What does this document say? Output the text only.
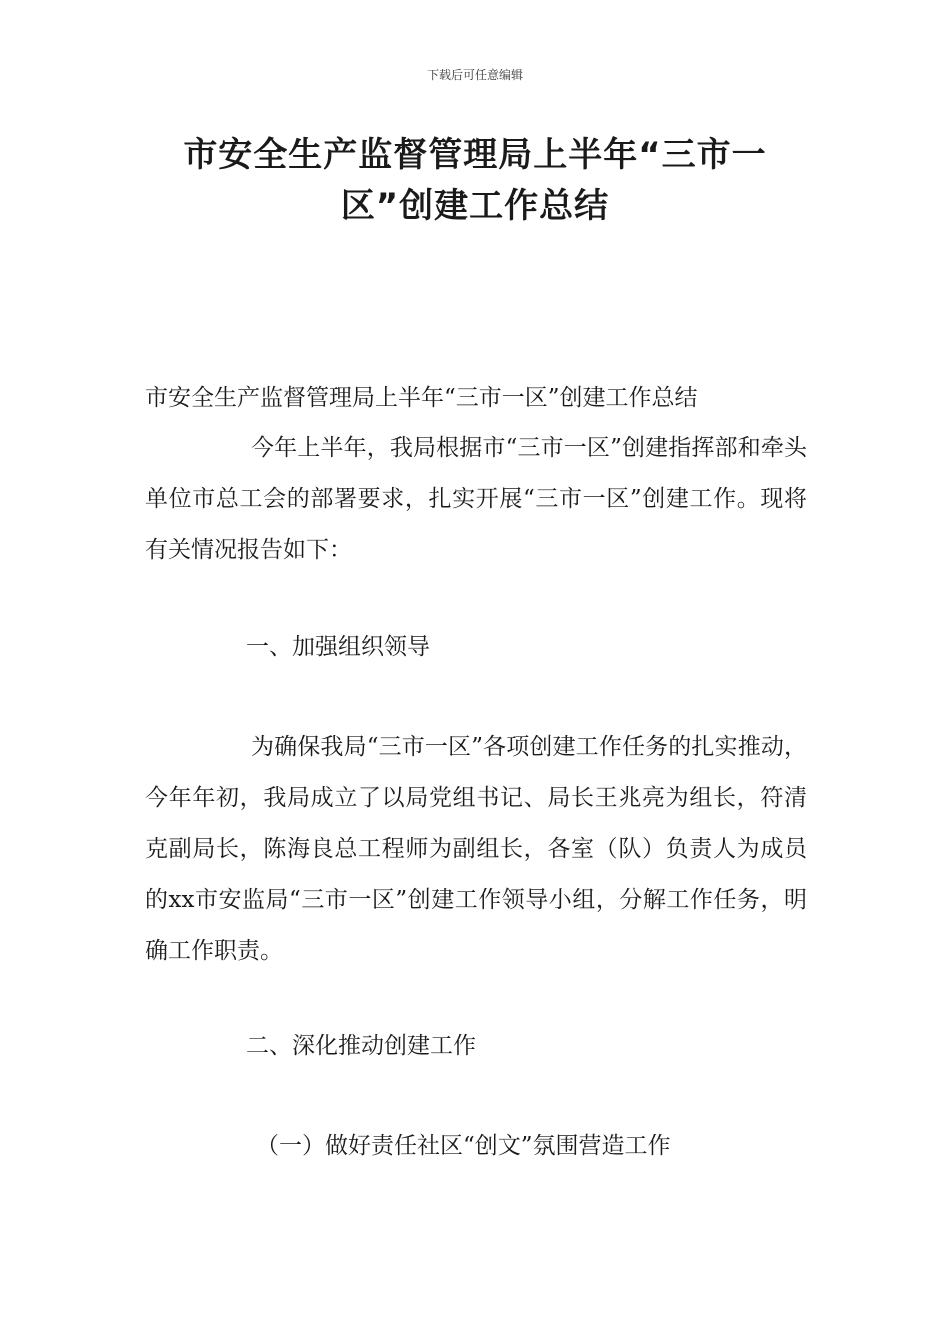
下载后可任意编辑
市安全生产监督管理局上半年“三市一
区”创建工作总结

市安全生产监督管理局上半年“三市一区”创建工作总结

今年上半年，我局根据市“三市一区”创建指挥部和牵头单位市总工会的部署要求，扎实开展“三市一区”创建工作。现将有关情况报告如下：

一、加强组织领导

为确保我局“三市一区”各项创建工作任务的扎实推动，今年年初，我局成立了以局党组书记、局长王兆亮为组长，符清克副局长，陈海良总工程师为副组长，各室（队）负责人为成员的xx市安监局“三市一区”创建工作领导小组，分解工作任务，明确工作职责。

二、深化推动创建工作

（一）做好责任社区“创文”氛围营造工作
